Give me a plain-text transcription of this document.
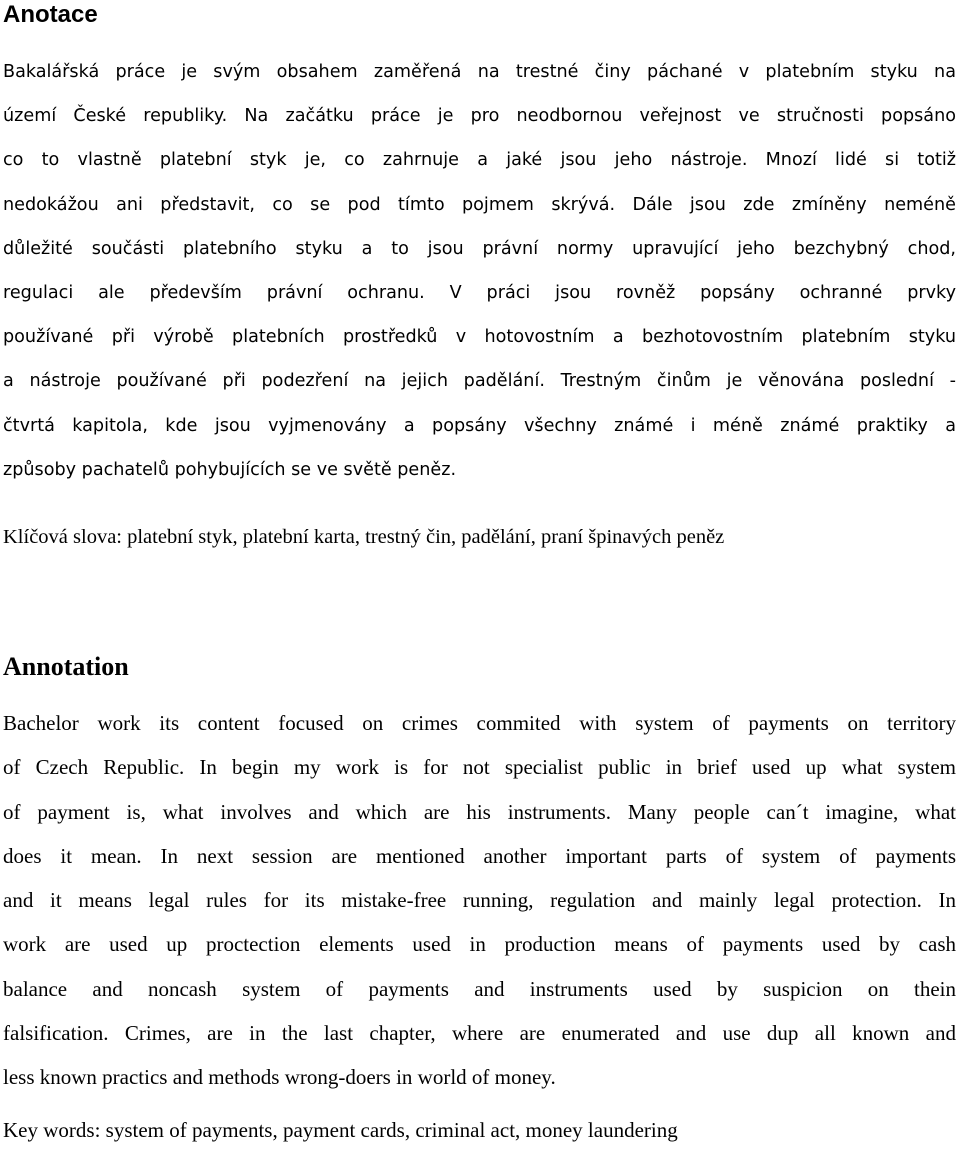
Anotace
Bakalářská práce je svým obsahem zaměřená na trestné činy páchané v platebním styku na
území České republiky. Na začátku práce je pro neodbornou veřejnost ve stručnosti popsáno
co to vlastně platební styk je, co zahrnuje a jaké jsou jeho nástroje. Mnozí lidé si totiž
nedokážou ani představit, co se pod tímto pojmem skrývá. Dále jsou zde zmíněny neméně
důležité součásti platebního styku a to jsou právní normy upravující jeho bezchybný chod,
regulaci ale především právní ochranu. V práci jsou rovněž popsány ochranné prvky
používané při výrobě platebních prostředků v hotovostním a bezhotovostním platebním styku
a nástroje používané při podezření na jejich padělání. Trestným činům je věnována poslední -
čtvrtá kapitola, kde jsou vyjmenovány a popsány všechny známé i méně známé praktiky a
způsoby pachatelů pohybujících se ve světě peněz.

Klíčová slova: platební styk, platební karta, trestný čin, padělání, praní špinavých peněz

Annotation
Bachelor work its content focused on crimes commited with system of payments on territory
of Czech Republic. In begin my work is for not specialist public in brief used up what system
of payment is, what involves and which are his instruments. Many people can´t imagine, what
does it mean. In next session are mentioned another important parts of system of payments
and it means legal rules for its mistake-free running, regulation and mainly legal protection. In
work are used up proctection elements used in production means of payments used by cash
balance and noncash system of payments and instruments used by suspicion on thein
falsification. Crimes, are in the last chapter, where are enumerated and use dup all known and
less known practics and methods wrong-doers in world of money.

Key words: system of payments, payment cards, criminal act, money laundering
